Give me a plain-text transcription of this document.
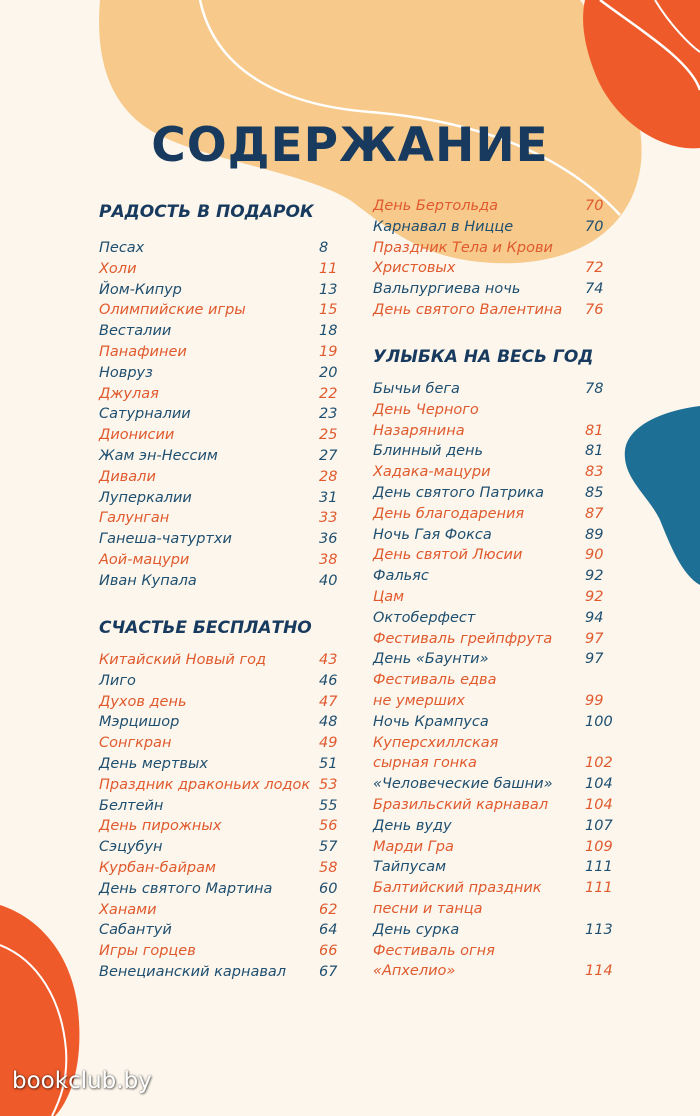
СОДЕРЖАНИЕ
РАДОСТЬ В ПОДАРОК
Песах	8
Холи	11
Йом-Кипур	13
Олимпийские игры	15
Весталии	18
Панафинеи	19
Новруз	20
Джулая	22
Сатурналии	23
Дионисии	25
Жам эн-Нессим	27
Дивали	28
Луперкалии	31
Галунган	33
Ганеша-чатуртхи	36
Аой-мацури	38
Иван Купала	40
СЧАСТЬЕ БЕСПЛАТНО
Китайский Новый год	43
Лиго	46
Духов день	47
Мэрцишор	48
Сонгкран	49
День мертвых	51
Праздник драконьих лодок 53
Белтейн	55
День пирожных	56
Сэцубун	57
Курбан-байрам	58
День святого Мартина	60
Ханами	62
Сабантуй	64
Игры горцев	66
Венецианский карнавал 67
День Бертольда	70
Карнавал в Ницце	70
Праздник Тела и Крови
Христовых	72
Вальпургиева ночь	74
День святого Валентина 76
УЛЫБКА НА ВЕСЬ ГОД
Бычьи бега	78
День Черного
Назарянина	81
Блинный день	81
Хадака-мацури	83
День святого Патрика	85
День благодарения	87
Ночь Гая Фокса	89
День святой Люсии	90
Фальяс	92
Цам	92
Октоберфест	94
Фестиваль грейпфрута 97
День «Баунти»	97
Фестиваль едва
не умерших	99
Ночь Крампуса	100
Куперсхиллская
сырная гонка	102
«Человеческие башни» 104
Бразильский карнавал	104
День вуду	107
Марди Гра	109
Тайпусам	111
Балтийский праздник	111
песни и танца
День сурка	113
Фестиваль огня
«Апхелио»	114
bookclub.by
